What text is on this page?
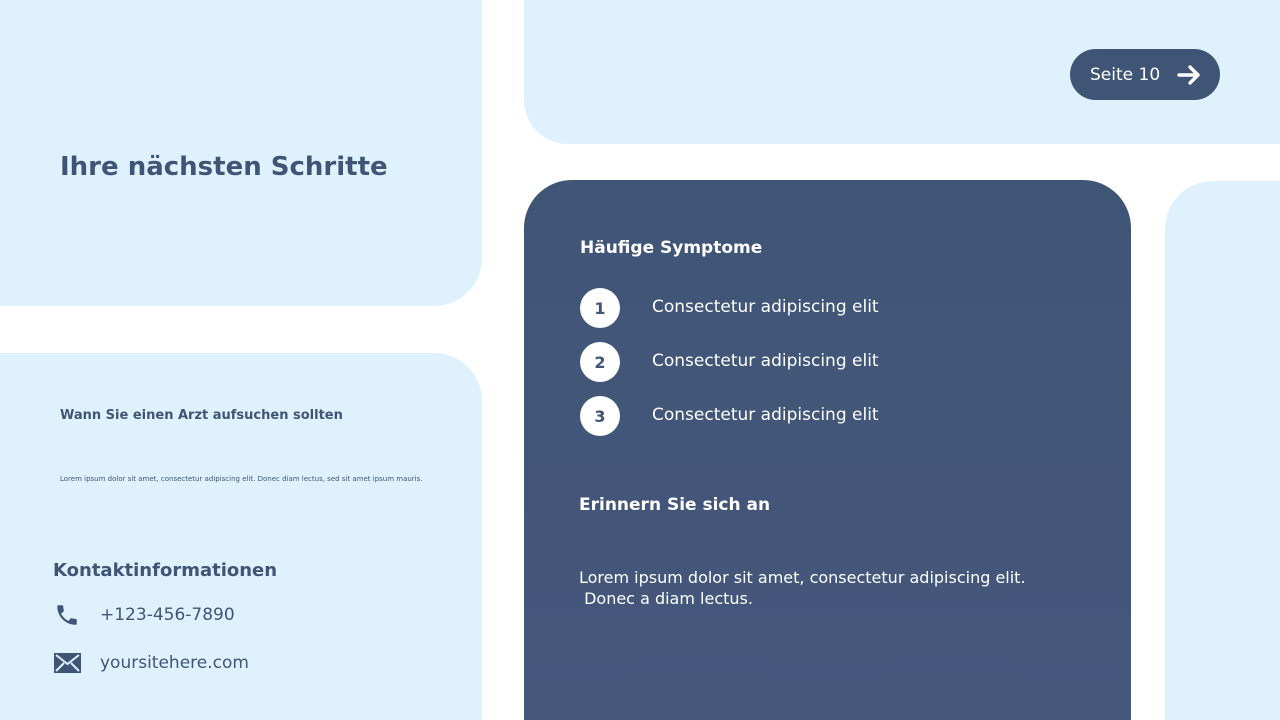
Ihre nächsten Schritte
Wann Sie einen Arzt aufsuchen sollten
Lorem ipsum dolor sit amet, consectetur adipiscing elit. Donec diam lectus, sed sit amet ipsum mauris.
Kontaktinformationen
+123-456-7890
yoursitehere.com
Seite 10
Häufige Symptome
1	Consectetur adipiscing elit
2	Consectetur adipiscing elit
3	Consectetur adipiscing elit
Erinnern Sie sich an
Lorem ipsum dolor sit amet, consectetur adipiscing elit.
Donec a diam lectus.
